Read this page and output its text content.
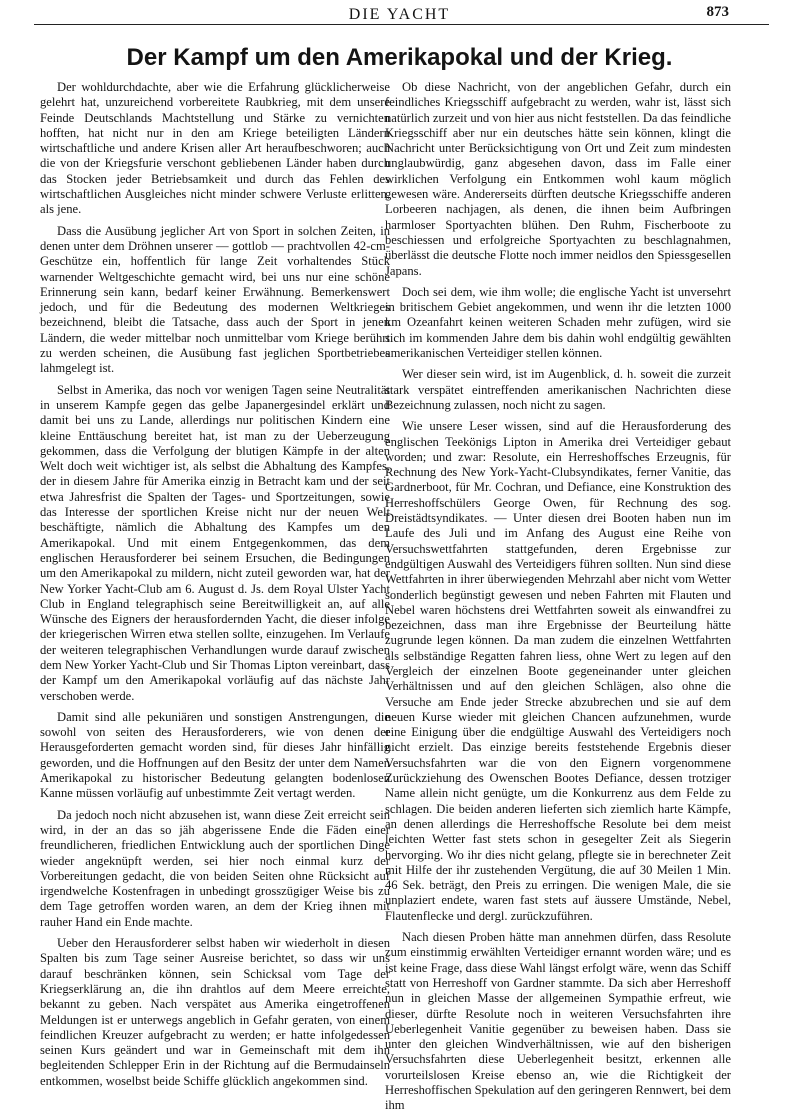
DIE YACHT	873
Der Kampf um den Amerikapokal und der Krieg.

Der wohldurchdachte, aber wie die Erfahrung glücklicherweise gelehrt hat, unzureichend vorbereitete Raubkrieg, mit dem unsere Feinde Deutschlands Machtstellung und Stärke zu vernichten hofften, hat nicht nur in den am Kriege beteiligten Ländern wirtschaftliche und andere Krisen aller Art heraufbeschworen; auch die von der Kriegsfurie verschont gebliebenen Länder haben durch das Stocken jeder Betriebsamkeit und durch das Fehlen des wirtschaftlichen Ausgleiches nicht minder schwere Verluste erlitten, als jene.

Dass die Ausübung jeglicher Art von Sport in solchen Zeiten, in denen unter dem Dröhnen unserer — gottlob — prachtvollen 42-cm-Geschütze ein, hoffentlich für lange Zeit vorhaltendes Stück warnender Weltgeschichte gemacht wird, bei uns nur eine schöne Erinnerung sein kann, bedarf keiner Erwähnung. Bemerkenswert jedoch, und für die Bedeutung des modernen Weltkrieges bezeichnend, bleibt die Tatsache, dass auch der Sport in jenen Ländern, die weder mittelbar noch unmittelbar vom Kriege berührt zu werden scheinen, die Ausübung fast jeglichen Sportbetriebes lahmgelegt ist.

Selbst in Amerika, das noch vor wenigen Tagen seine Neutralität in unserem Kampfe gegen das gelbe Japanergesindel erklärt und damit bei uns zu Lande, allerdings nur politischen Kindern eine kleine Enttäuschung bereitet hat, ist man zu der Ueberzeugung gekommen, dass die Verfolgung der blutigen Kämpfe in der alten Welt doch weit wichtiger ist, als selbst die Abhaltung des Kampfes, der in diesem Jahre für Amerika einzig in Betracht kam und der seit etwa Jahresfrist die Spalten der Tages- und Sportzeitungen, sowie das Interesse der sportlichen Kreise nicht nur der neuen Welt beschäftigte, nämlich die Abhaltung des Kampfes um den Amerikapokal. Und mit einem Entgegenkommen, das dem englischen Herausforderer bei seinem Ersuchen, die Bedingungen um den Amerikapokal zu mildern, nicht zuteil geworden war, hat der New Yorker Yacht-Club am 6. August d. Js. dem Royal Ulster Yacht Club in England telegraphisch seine Bereitwilligkeit an, auf alle Wünsche des Eigners der herausfordernden Yacht, die dieser infolge der kriegerischen Wirren etwa stellen sollte, einzugehen. Im Verlaufe der weiteren telegraphischen Verhandlungen wurde darauf zwischen dem New Yorker Yacht-Club und Sir Thomas Lipton vereinbart, dass der Kampf um den Amerikapokal vorläufig auf das nächste Jahr verschoben werde.

Damit sind alle pekuniären und sonstigen Anstrengungen, die sowohl von seiten des Herausforderers, wie von denen der Herausgeforderten gemacht worden sind, für dieses Jahr hinfällig geworden, und die Hoffnungen auf den Besitz der unter dem Namen Amerikapokal zu historischer Bedeutung gelangten bodenlosen Kanne müssen vorläufig auf unbestimmte Zeit vertagt werden.

Da jedoch noch nicht abzusehen ist, wann diese Zeit erreicht sein wird, in der an das so jäh abgerissene Ende die Fäden einer freundlicheren, friedlichen Entwicklung auch der sportlichen Dinge wieder angeknüpft werden, sei hier noch einmal kurz der Vorbereitungen gedacht, die von beiden Seiten ohne Rücksicht auf irgendwelche Kostenfragen in unbedingt grosszügiger Weise bis zu dem Tage getroffen worden waren, an dem der Krieg ihnen mit rauher Hand ein Ende machte.

Ueber den Herausforderer selbst haben wir wiederholt in diesen Spalten bis zum Tage seiner Ausreise berichtet, so dass wir uns darauf beschränken können, sein Schicksal vom Tage der Kriegserklärung an, die ihn drahtlos auf dem Meere erreichte, bekannt zu geben. Nach verspätet aus Amerika eingetroffenen Meldungen ist er unterwegs angeblich in Gefahr geraten, von einem feindlichen Kreuzer aufgebracht zu werden; er hatte infolgedessen seinen Kurs geändert und war in Gemeinschaft mit dem ihn begleitenden Schlepper Erin in der Richtung auf die Bermudainseln entkommen, woselbst beide Schiffe glücklich angekommen sind.

Ob diese Nachricht, von der angeblichen Gefahr, durch ein feindliches Kriegsschiff aufgebracht zu werden, wahr ist, lässt sich natürlich zurzeit und von hier aus nicht feststellen. Da das feindliche Kriegsschiff aber nur ein deutsches hätte sein können, klingt die Nachricht unter Berücksichtigung von Ort und Zeit zum mindesten unglaubwürdig, ganz abgesehen davon, dass im Falle einer wirklichen Verfolgung ein Entkommen wohl kaum möglich gewesen wäre. Andererseits dürften deutsche Kriegsschiffe anderen Lorbeeren nachjagen, als denen, die ihnen beim Aufbringen harmloser Sportyachten blühen. Den Ruhm, Fischerboote zu beschiessen und erfolgreiche Sportyachten zu beschlagnahmen, überlässt die deutsche Flotte noch immer neidlos den Spiessgesellen Japans.

Doch sei dem, wie ihm wolle; die englische Yacht ist unversehrt in britischem Gebiet angekommen, und wenn ihr die letzten 1000 km Ozeanfahrt keinen weiteren Schaden mehr zufügen, wird sie sich im kommenden Jahre dem bis dahin wohl endgültig gewählten amerikanischen Verteidiger stellen können.

Wer dieser sein wird, ist im Augenblick, d. h. soweit die zurzeit stark verspätet eintreffenden amerikanischen Nachrichten diese Bezeichnung zulassen, noch nicht zu sagen.

Wie unsere Leser wissen, sind auf die Herausforderung des englischen Teekönigs Lipton in Amerika drei Verteidiger gebaut worden; und zwar: Resolute, ein Herreshoffsches Erzeugnis, für Rechnung des New York-Yacht-Clubsyndikates, ferner Vanitie, das Gardnerboot, für Mr. Cochran, und Defiance, eine Konstruktion des Herreshoffschülers George Owen, für Rechnung des sog. Dreistädtsyndikates. — Unter diesen drei Booten haben nun im Laufe des Juli und im Anfang des August eine Reihe von Versuchswettfahrten stattgefunden, deren Ergebnisse zur endgültigen Auswahl des Verteidigers führen sollten. Nun sind diese Wettfahrten in ihrer überwiegenden Mehrzahl aber nicht vom Wetter sonderlich begünstigt gewesen und neben Fahrten mit Flauten und Nebel waren höchstens drei Wettfahrten soweit als einwandfrei zu bezeichnen, dass man ihre Ergebnisse der Beurteilung hätte zugrunde legen können. Da man zudem die einzelnen Wettfahrten als selbständige Regatten fahren liess, ohne Wert zu legen auf den Vergleich der einzelnen Boote gegeneinander unter gleichen Verhältnissen und auf den gleichen Schlägen, also ohne die Versuche am Ende jeder Strecke abzubrechen und sie auf dem neuen Kurse wieder mit gleichen Chancen aufzunehmen, wurde eine Einigung über die endgültige Auswahl des Verteidigers noch nicht erzielt. Das einzige bereits feststehende Ergebnis dieser Versuchsfahrten war die von den Eignern vorgenommene Zurückziehung des Owenschen Bootes Defiance, dessen trotziger Name allein nicht genügte, um die Konkurrenz aus dem Felde zu schlagen. Die beiden anderen lieferten sich ziemlich harte Kämpfe, an denen allerdings die Herreshoffsche Resolute bei dem meist leichten Wetter fast stets schon in gesegelter Zeit als Siegerin hervorging. Wo ihr dies nicht gelang, pflegte sie in berechneter Zeit mit Hilfe der ihr zustehenden Vergütung, die auf 30 Meilen 1 Min. 46 Sek. beträgt, den Preis zu erringen. Die wenigen Male, die sie unplaziert endete, waren fast stets auf äussere Umstände, Nebel, Flautenflecke und dergl. zurückzuführen.

Nach diesen Proben hätte man annehmen dürfen, dass Resolute zum einstimmig erwählten Verteidiger ernannt worden wäre; und es ist keine Frage, dass diese Wahl längst erfolgt wäre, wenn das Schiff statt von Herreshoff von Gardner stammte. Da sich aber Herreshoff nun in gleichen Masse der allgemeinen Sympathie erfreut, wie dieser, dürfte Resolute noch in weiteren Versuchsfahrten ihre Ueberlegenheit Vanitie gegenüber zu beweisen haben. Dass sie unter den gleichen Windverhältnissen, wie auf den bisherigen Versuchsfahrten diese Ueberlegenheit besitzt, erkennen alle vorurteilslosen Kreise ebenso an, wie die Richtigkeit der Herreshoffischen Spekulation auf den geringeren Rennwert, bei dem ihm
